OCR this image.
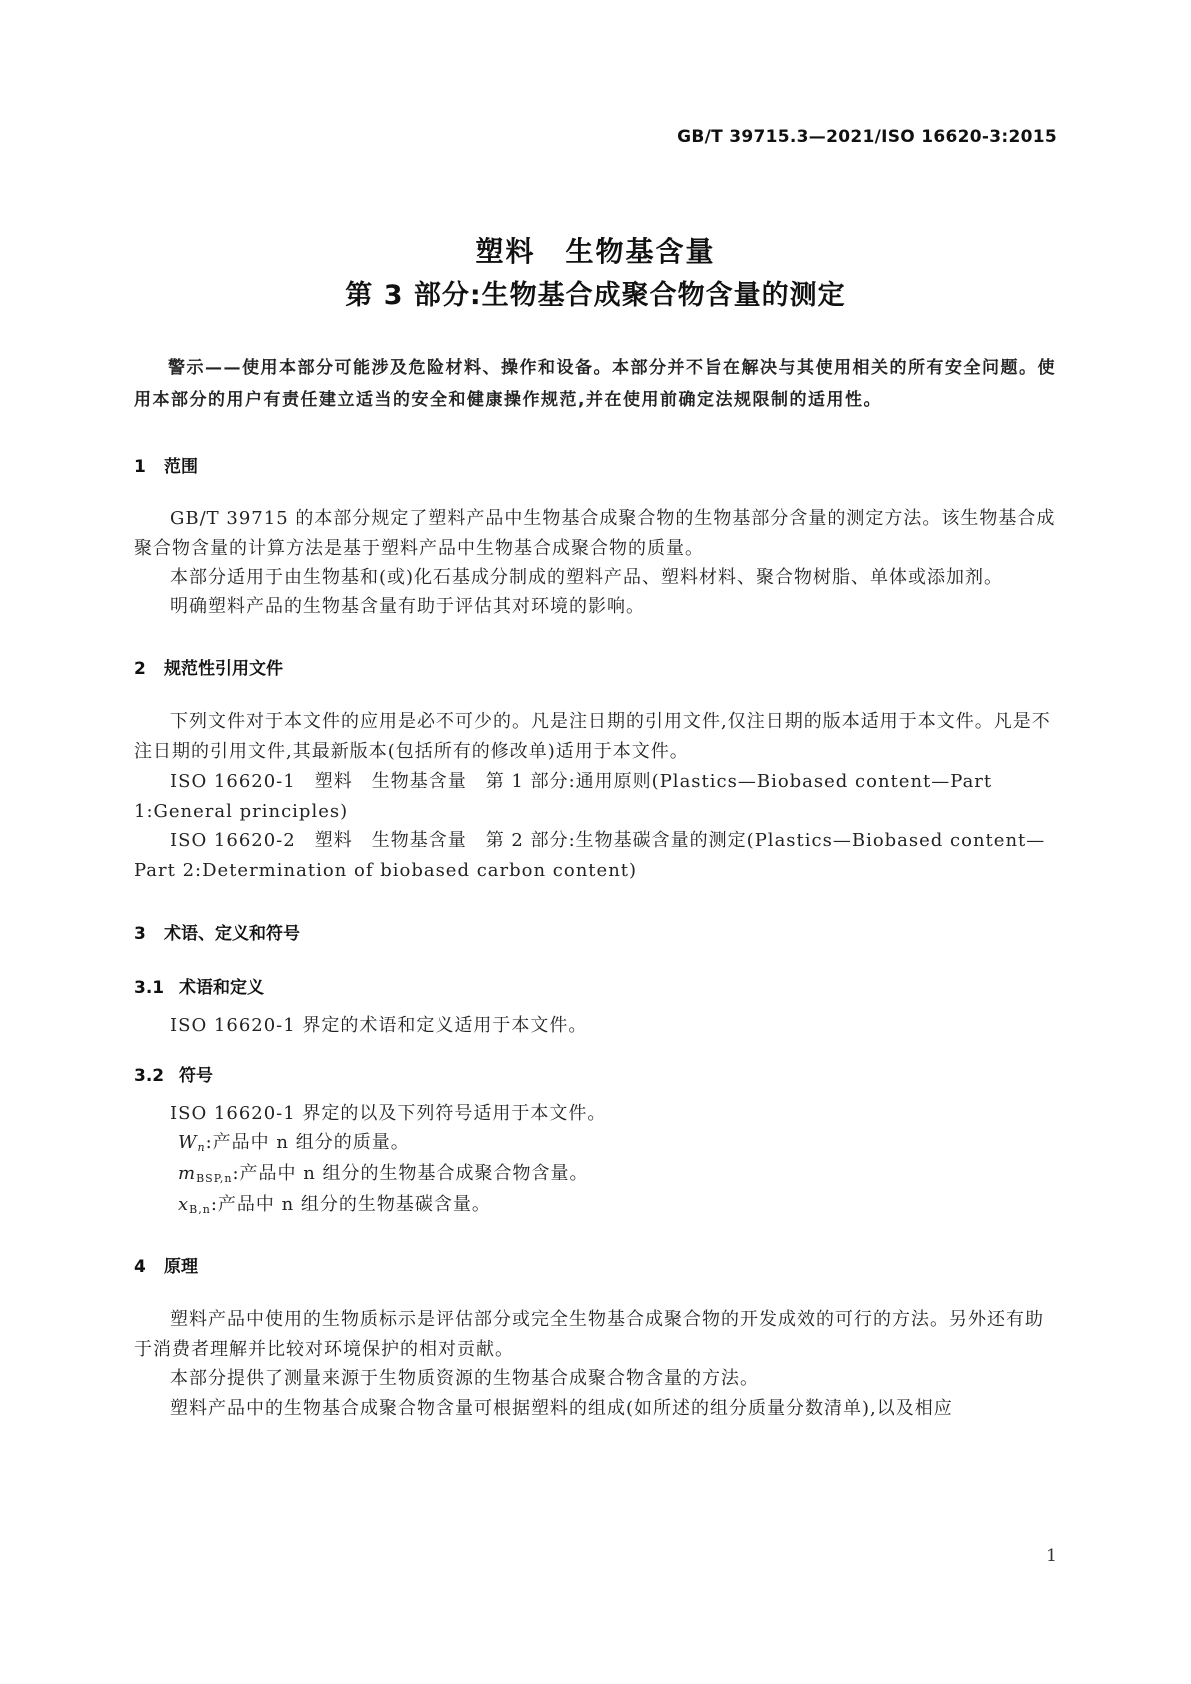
GB/T 39715.3—2021/ISO 16620-3:2015
塑料　生物基含量
第 3 部分:生物基合成聚合物含量的测定
警示——使用本部分可能涉及危险材料、操作和设备。本部分并不旨在解决与其使用相关的所有安全问题。使用本部分的用户有责任建立适当的安全和健康操作规范,并在使用前确定法规限制的适用性。
1 范围
GB/T 39715 的本部分规定了塑料产品中生物基合成聚合物的生物基部分含量的测定方法。该生物基合成聚合物含量的计算方法是基于塑料产品中生物基合成聚合物的质量。
本部分适用于由生物基和(或)化石基成分制成的塑料产品、塑料材料、聚合物树脂、单体或添加剂。
明确塑料产品的生物基含量有助于评估其对环境的影响。
2 规范性引用文件
下列文件对于本文件的应用是必不可少的。凡是注日期的引用文件,仅注日期的版本适用于本文件。凡是不注日期的引用文件,其最新版本(包括所有的修改单)适用于本文件。
ISO 16620-1　塑料　生物基含量　第 1 部分:通用原则(Plastics—Biobased content—Part 1:General principles)
ISO 16620-2　塑料　生物基含量　第 2 部分:生物基碳含量的测定(Plastics—Biobased content—Part 2:Determination of biobased carbon content)
3 术语、定义和符号
3.1 术语和定义
ISO 16620-1 界定的术语和定义适用于本文件。
3.2 符号
ISO 16620-1 界定的以及下列符号适用于本文件。
$W_n$:产品中 n 组分的质量。
$m_{BSP,n}$:产品中 n 组分的生物基合成聚合物含量。
$x_{B,n}$:产品中 n 组分的生物基碳含量。
4 原理
塑料产品中使用的生物质标示是评估部分或完全生物基合成聚合物的开发成效的可行的方法。另外还有助于消费者理解并比较对环境保护的相对贡献。
本部分提供了测量来源于生物质资源的生物基合成聚合物含量的方法。
塑料产品中的生物基合成聚合物含量可根据塑料的组成(如所述的组分质量分数清单),以及相应
1
